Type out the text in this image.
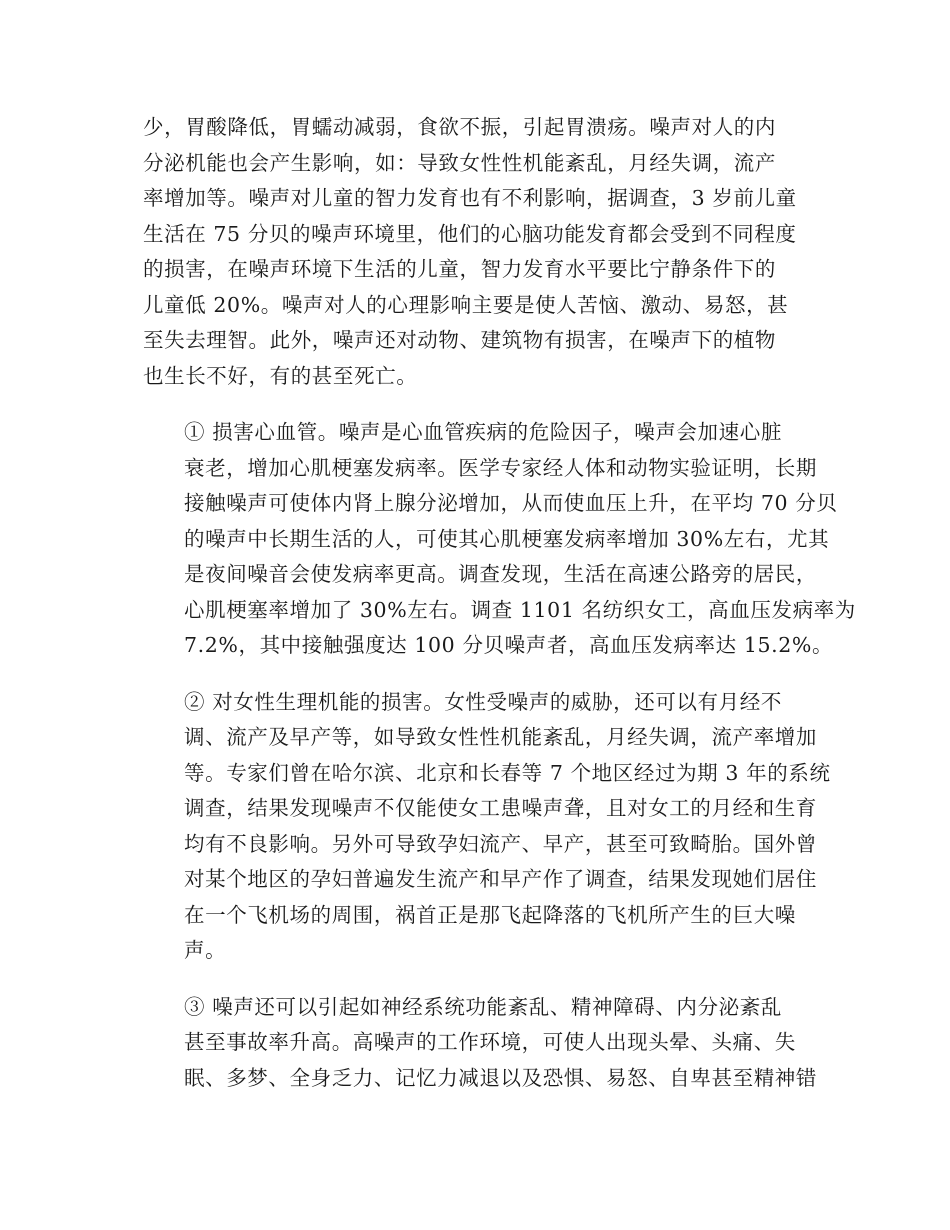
少，胃酸降低，胃蠕动减弱，食欲不振，引起胃溃疡。噪声对人的内
分泌机能也会产生影响，如：导致女性性机能紊乱，月经失调，流产
率增加等。噪声对儿童的智力发育也有不利影响，据调查，3 岁前儿童
生活在 75 分贝的噪声环境里，他们的心脑功能发育都会受到不同程度
的损害，在噪声环境下生活的儿童，智力发育水平要比宁静条件下的
儿童低 20%。噪声对人的心理影响主要是使人苦恼、激动、易怒，甚
至失去理智。此外，噪声还对动物、建筑物有损害，在噪声下的植物
也生长不好，有的甚至死亡。

① 损害心血管。噪声是心血管疾病的危险因子，噪声会加速心脏
衰老，增加心肌梗塞发病率。医学专家经人体和动物实验证明，长期
接触噪声可使体内肾上腺分泌增加，从而使血压上升，在平均 70 分贝
的噪声中长期生活的人，可使其心肌梗塞发病率增加 30%左右，尤其
是夜间噪音会使发病率更高。调查发现，生活在高速公路旁的居民，
心肌梗塞率增加了 30%左右。调查 1101 名纺织女工，高血压发病率为
7.2%，其中接触强度达 100 分贝噪声者，高血压发病率达 15.2%。

② 对女性生理机能的损害。女性受噪声的威胁，还可以有月经不
调、流产及早产等，如导致女性性机能紊乱，月经失调，流产率增加
等。专家们曾在哈尔滨、北京和长春等 7 个地区经过为期 3 年的系统
调查，结果发现噪声不仅能使女工患噪声聋，且对女工的月经和生育
均有不良影响。另外可导致孕妇流产、早产，甚至可致畸胎。国外曾
对某个地区的孕妇普遍发生流产和早产作了调查，结果发现她们居住
在一个飞机场的周围，祸首正是那飞起降落的飞机所产生的巨大噪
声。

③ 噪声还可以引起如神经系统功能紊乱、精神障碍、内分泌紊乱
甚至事故率升高。高噪声的工作环境，可使人出现头晕、头痛、失
眠、多梦、全身乏力、记忆力减退以及恐惧、易怒、自卑甚至精神错
